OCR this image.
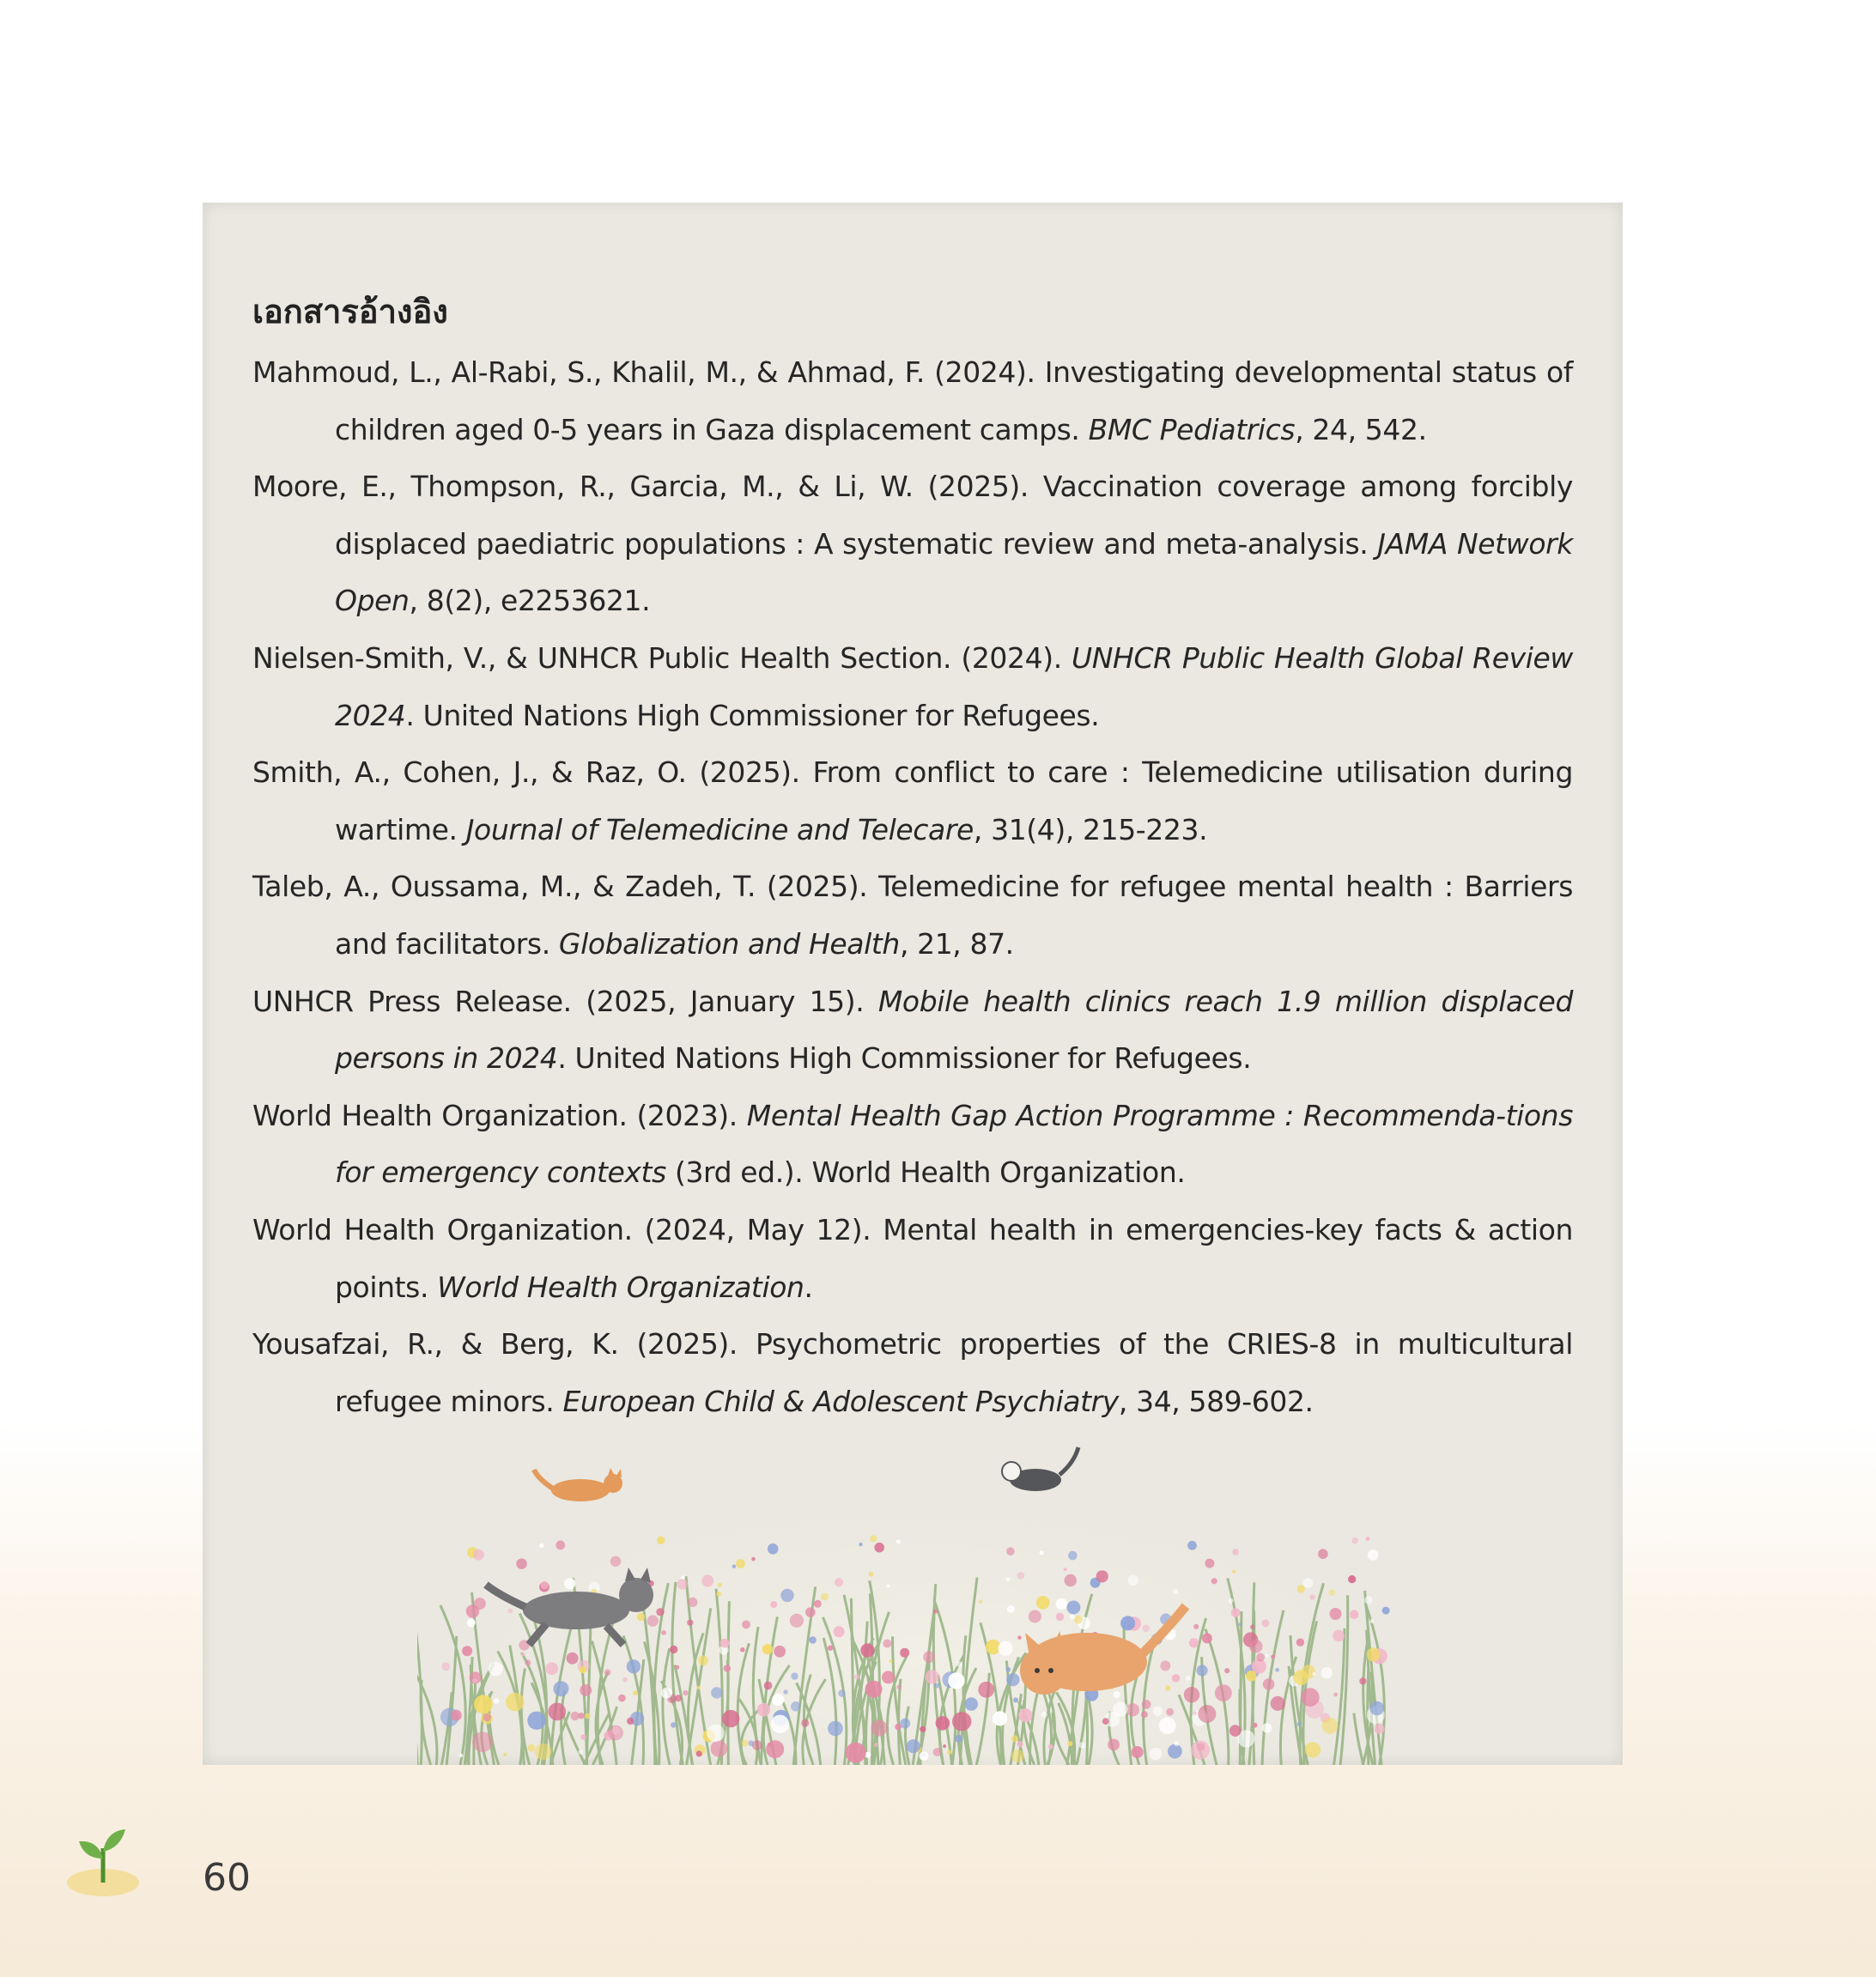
เอกสารอ้างอิง
Mahmoud, L., Al-Rabi, S., Khalil, M., & Ahmad, F. (2024). Investigating developmental status of children aged 0-5 years in Gaza displacement camps. BMC Pediatrics, 24, 542.
Moore, E., Thompson, R., Garcia, M., & Li, W. (2025). Vaccination coverage among forcibly displaced paediatric populations : A systematic review and meta-analysis. JAMA Network Open, 8(2), e2253621.
Nielsen-Smith, V., & UNHCR Public Health Section. (2024). UNHCR Public Health Global Review 2024. United Nations High Commissioner for Refugees.
Smith, A., Cohen, J., & Raz, O. (2025). From conflict to care : Telemedicine utilisation during wartime. Journal of Telemedicine and Telecare, 31(4), 215-223.
Taleb, A., Oussama, M., & Zadeh, T. (2025). Telemedicine for refugee mental health : Barriers and facilitators. Globalization and Health, 21, 87.
UNHCR Press Release. (2025, January 15). Mobile health clinics reach 1.9 million displaced persons in 2024. United Nations High Commissioner for Refugees.
World Health Organization. (2023). Mental Health Gap Action Programme : Recommenda-tions for emergency contexts (3rd ed.). World Health Organization.
World Health Organization. (2024, May 12). Mental health in emergencies-key facts & action points. World Health Organization.
Yousafzai, R., & Berg, K. (2025). Psychometric properties of the CRIES-8 in multicultural refugee minors. European Child & Adolescent Psychiatry, 34, 589-602.
60
